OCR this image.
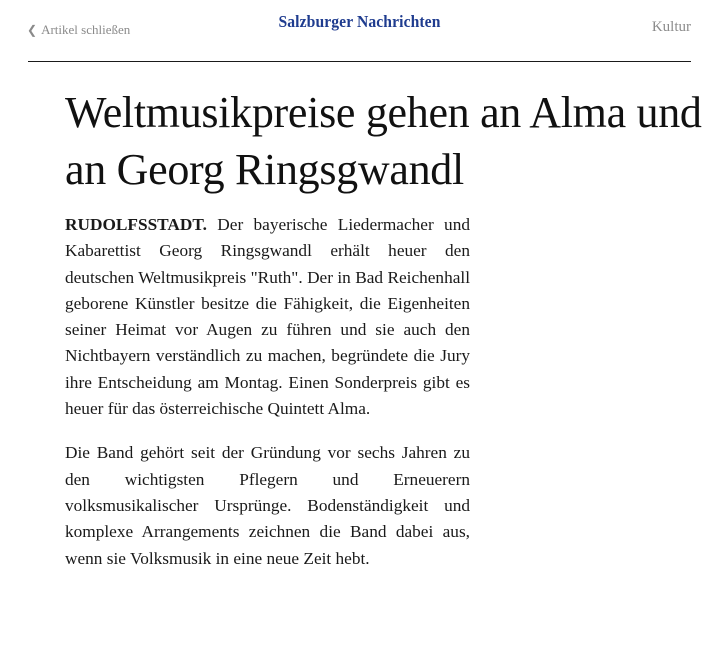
❮ Artikel schließen	Salzburger Nachrichten	Kultur
Weltmusikpreise gehen an Alma und an Georg Ringsgwandl

RUDOLFSSTADT. Der bayerische Liedermacher und Kabarettist Georg Ringsgwandl erhält heuer den deutschen Weltmusikpreis "Ruth". Der in Bad Reichenhall geborene Künstler besitze die Fähigkeit, die Eigenheiten seiner Heimat vor Augen zu führen und sie auch den Nichtbayern verständlich zu machen, begründete die Jury ihre Entscheidung am Montag. Einen Sonderpreis gibt es heuer für das österreichische Quintett Alma.

Die Band gehört seit der Gründung vor sechs Jahren zu den wichtigsten Pflegern und Erneuerern volksmusikalischer Ursprünge. Bodenständigkeit und komplexe Arrangements zeichnen die Band dabei aus, wenn sie Volksmusik in eine neue Zeit hebt.
